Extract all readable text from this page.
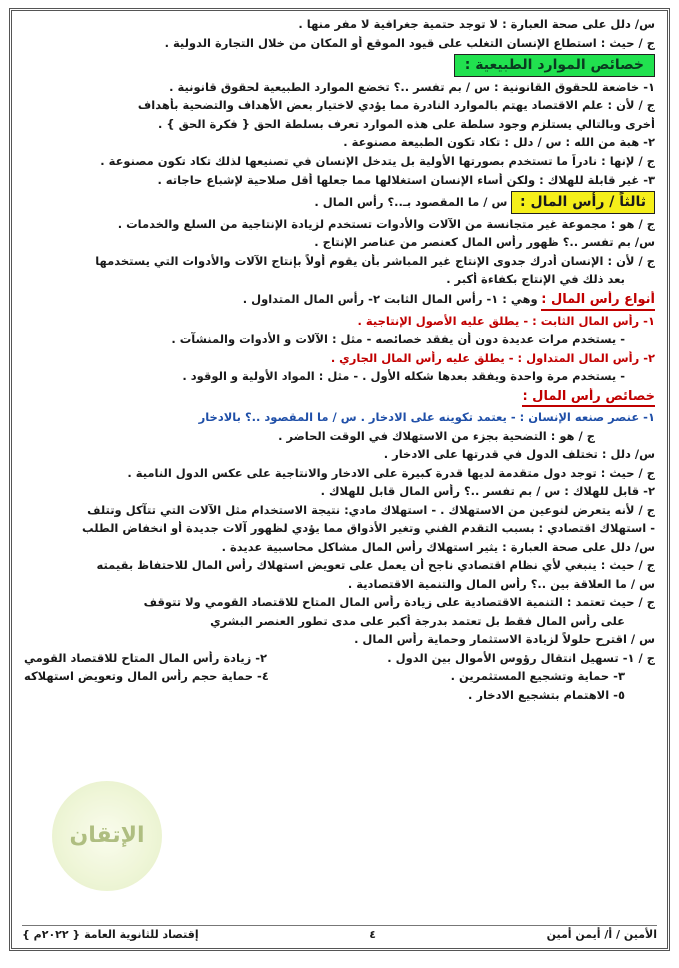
س/ دلل على صحة العبارة : لا توجد حتمية جغرافية لا مفر منها .
ج / حيث : استطاع الإنسان التغلب على قيود الموقع أو المكان من خلال التجارة الدولية .
خصائص الموارد الطبيعية :
١- خاضعة للحقوق القانونية : س / بم تفسر ..؟ تخضع الموارد الطبيعية لحقوق قانونية .
ج / لأن : علم الاقتصاد يهتم بالموارد النادرة مما يؤدي لاختيار بعض الأهداف والتضحية بأهداف
أخرى وبالتالي يستلزم وجود سلطة على هذه الموارد تعرف بسلطة الحق { فكرة الحق } .
٢- هبة من الله : س / دلل : تكاد تكون الطبيعة مصنوعة .
ج / لإنها : نادراً ما تستخدم بصورتها الأولية بل يتدخل الإنسان في تصنيعها لذلك تكاد تكون مصنوعة .
٣- غير قابلة للهلاك : ولكن أساء الإنسان استغلالها مما جعلها أقل صلاحية لإشباع حاجاته .
ثالثاً / رأس المال : س / ما المقصود بـ..؟ رأس المال .
ج / هو : مجموعة غير متجانسة من الآلات والأدوات تستخدم لزيادة الإنتاجية من السلع والخدمات .
س/ بم تفسر ..؟ ظهور رأس المال كعنصر من عناصر الإنتاج .
ج / لأن : الإنسان أدرك جدوى الإنتاج غير المباشر بأن يقوم أولاً بإنتاج الآلات والأدوات التي يستخدمها
بعد ذلك في الإنتاج بكفاءة أكبر .
أنواع رأس المال : وهي : ١- رأس المال الثابت ٢- رأس المال المتداول .
١- رأس المال الثابت : - يطلق عليه الأصول الإنتاجية .
- يستخدم مرات عديدة دون أن يفقد خصائصه - مثل : الآلات و الأدوات والمنشآت .
٢- رأس المال المتداول : - يطلق عليه رأس المال الجاري .
- يستخدم مرة واحدة ويفقد بعدها شكله الأول . - مثل : المواد الأولية و الوقود .
خصائص رأس المال :
١- عنصر صنعه الإنسان : - يعتمد تكوينه على الادخار . س / ما المقصود ..؟ بالادخار
ج / هو : التضحية بجزء من الاستهلاك في الوقت الحاضر .
س/ دلل : تختلف الدول في قدرتها على الادخار .
ج / حيث : توجد دول متقدمة لديها قدرة كبيرة على الادخار والانتاجية على عكس الدول النامية .
٢- قابل للهلاك : س / بم تفسر ..؟ رأس المال قابل للهلاك .
ج / لأنه يتعرض لنوعين من الاستهلاك . - استهلاك مادي: نتيجة الاستخدام مثل الآلات التي تتآكل وتتلف
- استهلاك اقتصادي : بسبب التقدم الفني وتغير الأذواق مما يؤدي لظهور آلات جديدة أو انخفاض الطلب
س/ دلل على صحة العبارة : يثير استهلاك رأس المال مشاكل محاسبية عديدة .
ج / حيث : ينبغي لأي نظام اقتصادي ناجح أن يعمل على تعويض استهلاك رأس المال للاحتفاظ بقيمته
س / ما العلاقة بين ..؟ رأس المال والتنمية الاقتصادية .
ج / حيث تعتمد : التنمية الاقتصادية على زيادة رأس المال المتاح للاقتصاد القومي ولا تتوقف
على رأس المال فقط بل تعتمد بدرجة أكبر على مدى تطور العنصر البشري
س / اقترح حلولاً لزيادة الاستثمار وحماية رأس المال .
ج / ١- تسهيل انتقال رؤوس الأموال بين الدول .
٢- زيادة رأس المال المتاح للاقتصاد القومي
٣- حماية وتشجيع المستثمرين .
٤- حماية حجم رأس المال وتعويض استهلاكه
٥- الاهتمام بتشجيع الادخار .
الإتقان
الأمين / أ/ أيمن أمين
٤
إقتصاد للثانوية العامة { ٢٠٢٢م }
